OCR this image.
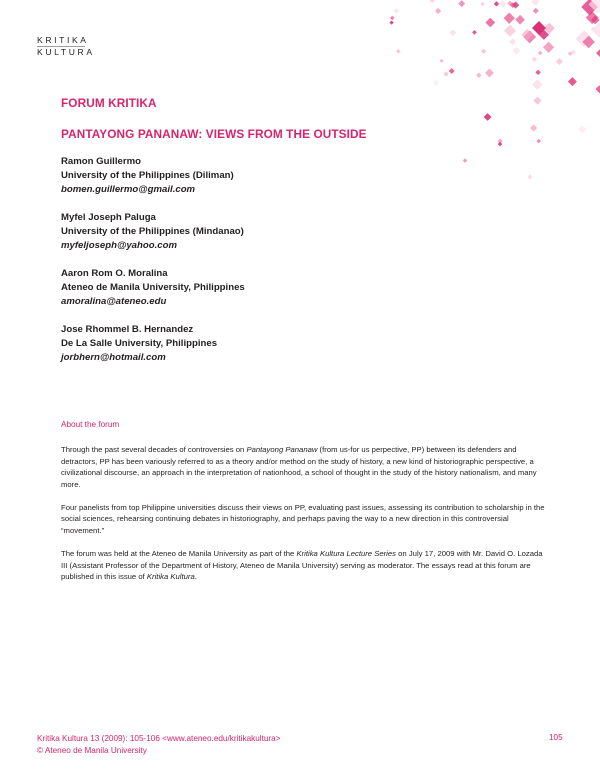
KRITIKA
KULTURA
FORUM KRITIKA
PANTAYONG PANANAW: VIEWS FROM THE OUTSIDE
Ramon Guillermo
University of the Philippines (Diliman)
bomen.guillermo@gmail.com
Myfel Joseph Paluga
University of the Philippines (Mindanao)
myfeljoseph@yahoo.com
Aaron Rom O. Moralina
Ateneo de Manila University, Philippines
amoralina@ateneo.edu
Jose Rhommel B. Hernandez
De La Salle University, Philippines
jorbhern@hotmail.com
About the forum

Through the past several decades of controversies on Pantayong Pananaw (from us-for us perpective, PP) between its defenders and detractors, PP has been variously referred to as a theory and/or method on the study of history, a new kind of historiographic perspective, a civilizational discourse, an approach in the interpretation of nationhood, a school of thought in the study of the history nationalism, and many more.

Four panelists from top Philippine universities discuss their views on PP, evaluating past issues, assessing its contribution to scholarship in the social sciences, rehearsing continuing debates in historiography, and perhaps paving the way to a new direction in this controversial “movement.”

The forum was held at the Ateneo de Manila University as part of the Kritika Kultura Lecture Series on July 17, 2009 with Mr. David O. Lozada III (Assistant Professor of the Department of History, Ateneo de Manila University) serving as moderator. The essays read at this forum are published in this issue of Kritika Kultura.

Kritika Kultura 13 (2009): 105-106 <www.ateneo.edu/kritikakultura>
© Ateneo de Manila University
105
